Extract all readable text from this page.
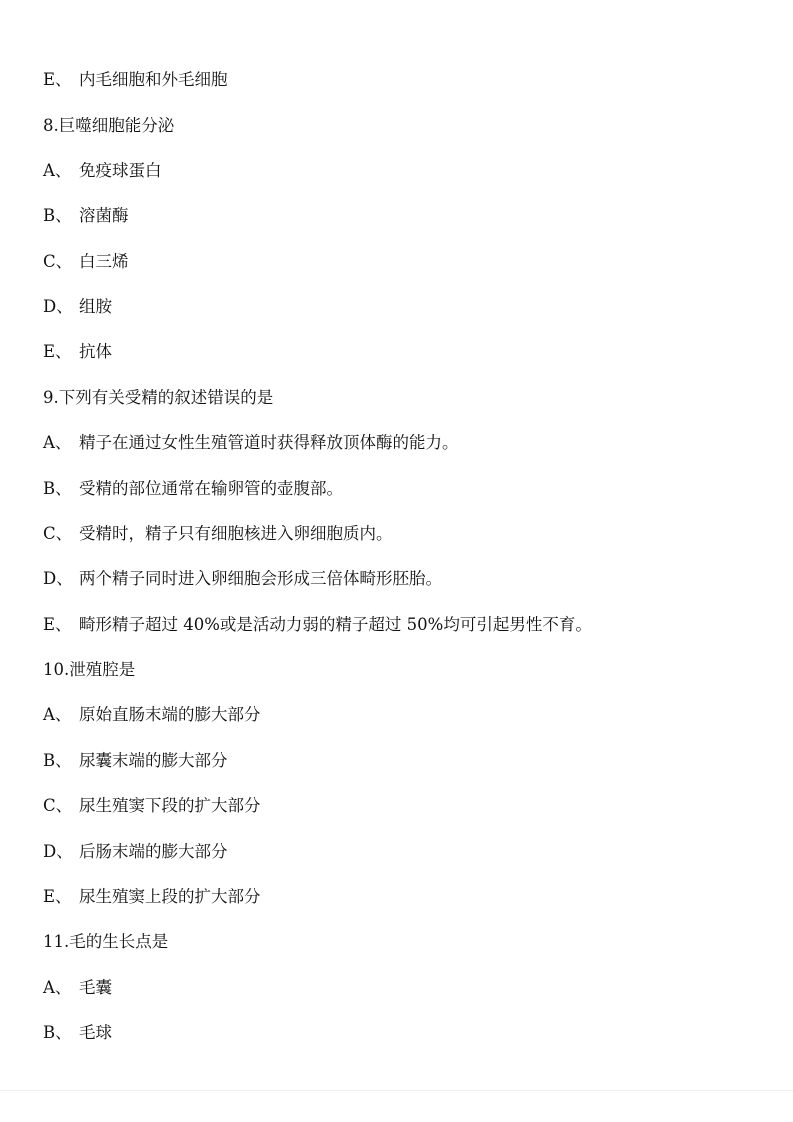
E、 内毛细胞和外毛细胞
8.巨噬细胞能分泌
A、 免疫球蛋白
B、 溶菌酶
C、 白三烯
D、 组胺
E、 抗体
9.下列有关受精的叙述错误的是
A、 精子在通过女性生殖管道时获得释放顶体酶的能力。
B、 受精的部位通常在输卵管的壶腹部。
C、 受精时，精子只有细胞核进入卵细胞质内。
D、 两个精子同时进入卵细胞会形成三倍体畸形胚胎。
E、 畸形精子超过 40%或是活动力弱的精子超过 50%均可引起男性不育。
10.泄殖腔是
A、 原始直肠末端的膨大部分
B、 尿囊末端的膨大部分
C、 尿生殖窦下段的扩大部分
D、 后肠末端的膨大部分
E、 尿生殖窦上段的扩大部分
11.毛的生长点是
A、 毛囊
B、 毛球
